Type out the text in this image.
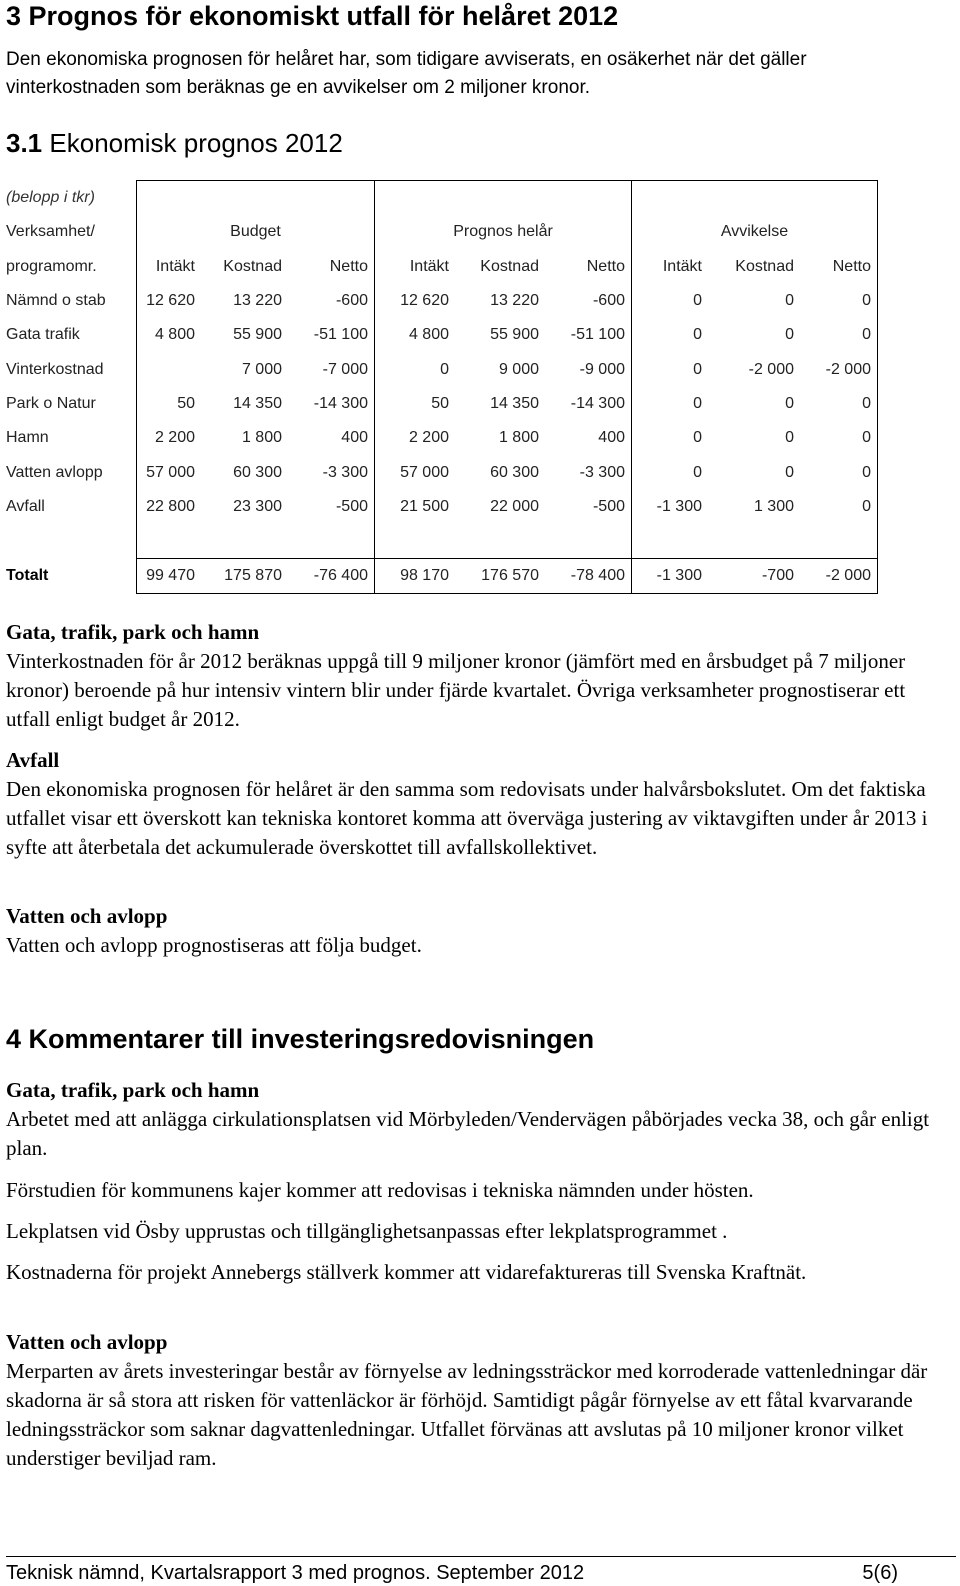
3 Prognos för ekonomiskt utfall för helåret 2012

Den ekonomiska prognosen för helåret har, som tidigare avviserats, en osäkerhet när det gäller vinterkostnaden som beräknas ge en avvikelser om 2 miljoner kronor.

3.1 Ekonomisk prognos 2012
(belopp i tkr)									
Verksamhet/	Budget			Prognos helår			Avvikelse		
programomr.	Intäkt	Kostnad	Netto	Intäkt	Kostnad	Netto	Intäkt	Kostnad	Netto
Nämnd o stab	12 620	13 220	-600	12 620	13 220	-600	0	0	0
Gata trafik	4 800	55 900	-51 100	4 800	55 900	-51 100	0	0	0
Vinterkostnad		7 000	-7 000	0	9 000	-9 000	0	-2 000	-2 000
Park o Natur	50	14 350	-14 300	50	14 350	-14 300	0	0	0
Hamn	2 200	1 800	400	2 200	1 800	400	0	0	0
Vatten avlopp	57 000	60 300	-3 300	57 000	60 300	-3 300	0	0	0
Avfall	22 800	23 300	-500	21 500	22 000	-500	-1 300	1 300	0

Totalt	99 470	175 870	-76 400	98 170	176 570	-78 400	-1 300	-700	-2 000
Gata, trafik, park och hamn
Vinterkostnaden för år 2012 beräknas uppgå till 9 miljoner kronor (jämfört med en årsbudget på 7 miljoner kronor) beroende på hur intensiv vintern blir under fjärde kvartalet. Övriga verksamheter prognostiserar ett utfall enligt budget år 2012.
Avfall
Den ekonomiska prognosen för helåret är den samma som redovisats under halvårsbokslutet. Om det faktiska utfallet visar ett överskott kan tekniska kontoret komma att överväga justering av viktavgiften under år 2013 i syfte att återbetala det ackumulerade överskottet till avfallskollektivet.
Vatten och avlopp
Vatten och avlopp prognostiseras att följa budget.
4 Kommentarer till investeringsredovisningen
Gata, trafik, park och hamn
Arbetet med att anlägga cirkulationsplatsen vid Mörbyleden/Vendervägen påbörjades vecka 38, och går enligt plan.
Förstudien för kommunens kajer kommer att redovisas i tekniska nämnden under hösten.
Lekplatsen vid Ösby upprustas och tillgänglighetsanpassas efter lekplatsprogrammet .
Kostnaderna för projekt Annebergs ställverk kommer att vidarefaktureras till Svenska Kraftnät.
Vatten och avlopp
Merparten av årets investeringar består av förnyelse av ledningssträckor med korroderade vattenledningar där skadorna är så stora att risken för vattenläckor är förhöjd. Samtidigt pågår förnyelse av ett fåtal kvarvarande ledningssträckor som saknar dagvattenledningar. Utfallet förvänas att avslutas på 10 miljoner kronor vilket understiger beviljad ram.
Teknisk nämnd, Kvartalsrapport 3 med prognos. September 2012	5(6)
